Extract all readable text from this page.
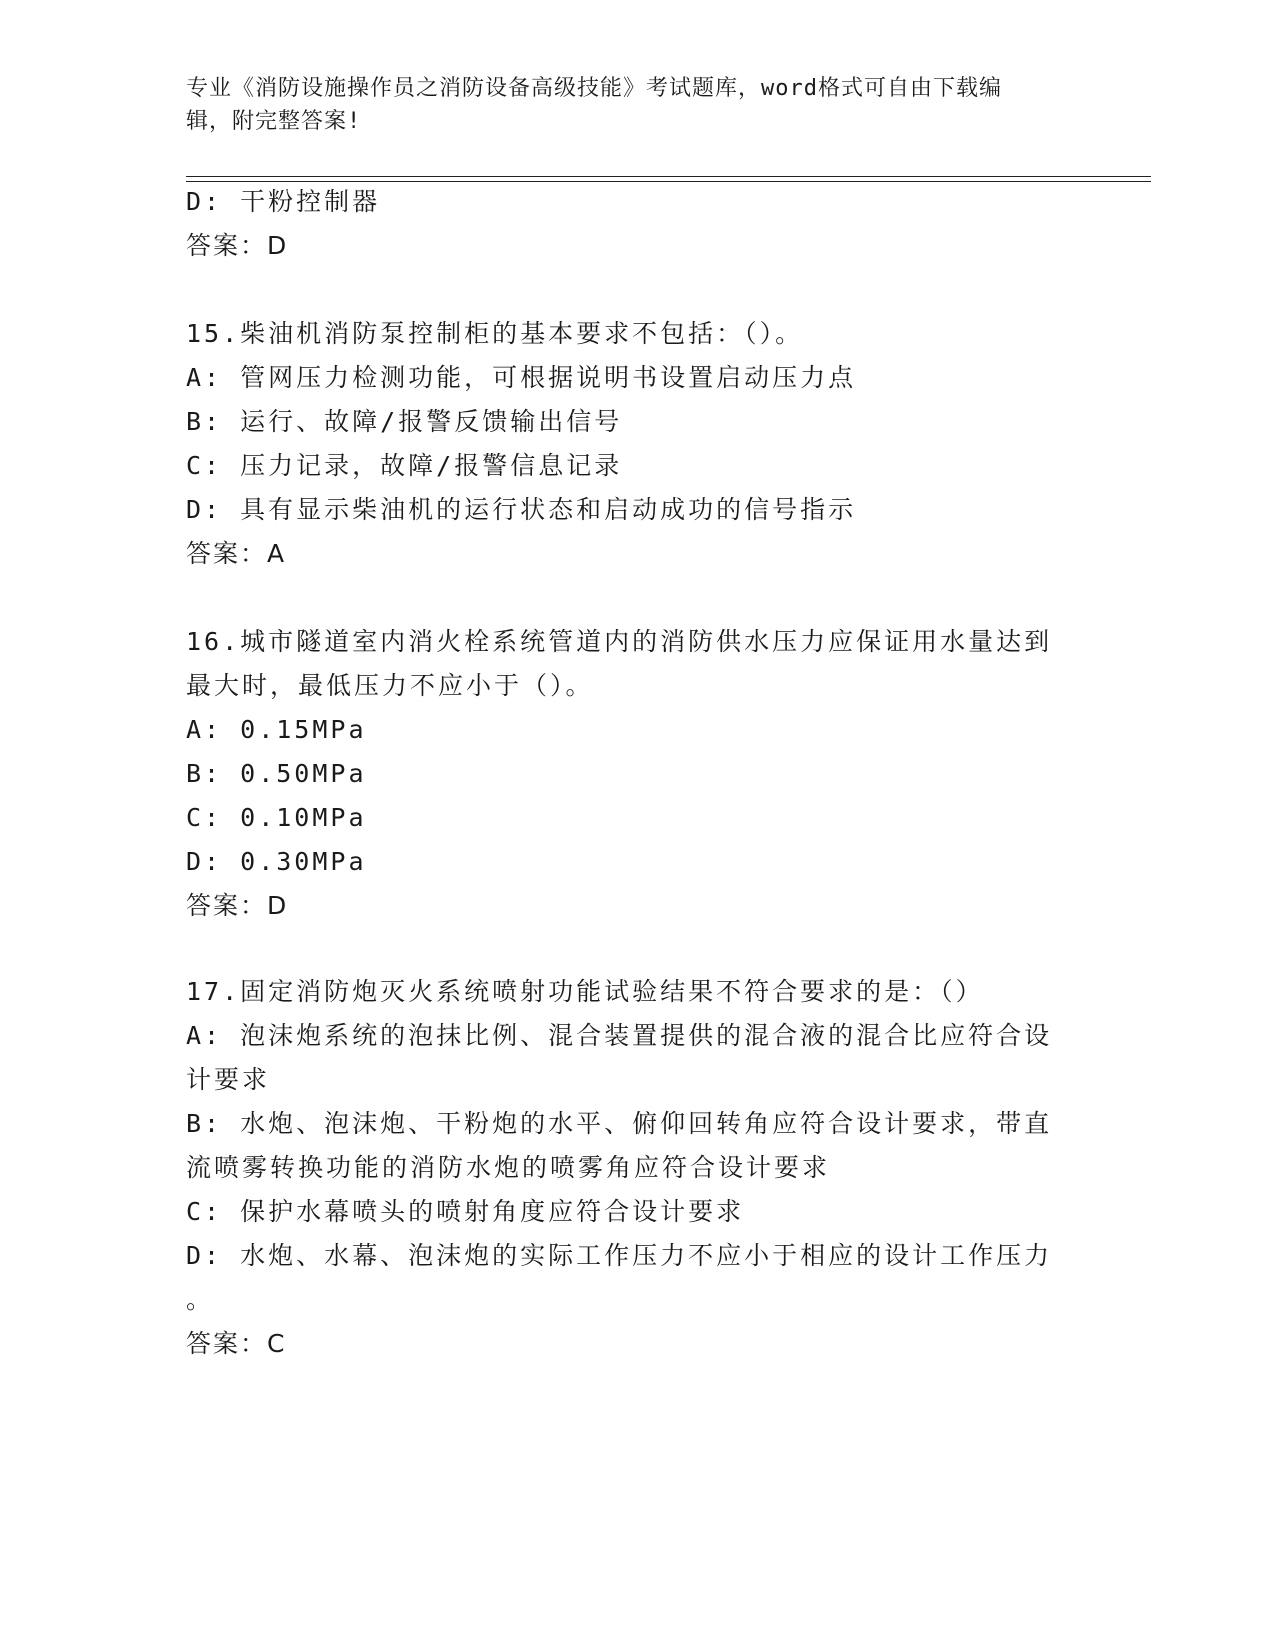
专业《消防设施操作员之消防设备高级技能》考试题库，word格式可自由下载编
辑，附完整答案!
D: 干粉控制器
答案：D
15.柴油机消防泵控制柜的基本要求不包括：（）。
A: 管网压力检测功能，可根据说明书设置启动压力点
B: 运行、故障/报警反馈输出信号
C: 压力记录，故障/报警信息记录
D: 具有显示柴油机的运行状态和启动成功的信号指示
答案：A
16.城市隧道室内消火栓系统管道内的消防供水压力应保证用水量达到
最大时，最低压力不应小于（）。
A: 0.15MPa
B: 0.50MPa
C: 0.10MPa
D: 0.30MPa
答案：D
17.固定消防炮灭火系统喷射功能试验结果不符合要求的是：（）
A: 泡沫炮系统的泡抹比例、混合装置提供的混合液的混合比应符合设
计要求
B: 水炮、泡沫炮、干粉炮的水平、俯仰回转角应符合设计要求，带直
流喷雾转换功能的消防水炮的喷雾角应符合设计要求
C: 保护水幕喷头的喷射角度应符合设计要求
D: 水炮、水幕、泡沫炮的实际工作压力不应小于相应的设计工作压力
。
答案：C
